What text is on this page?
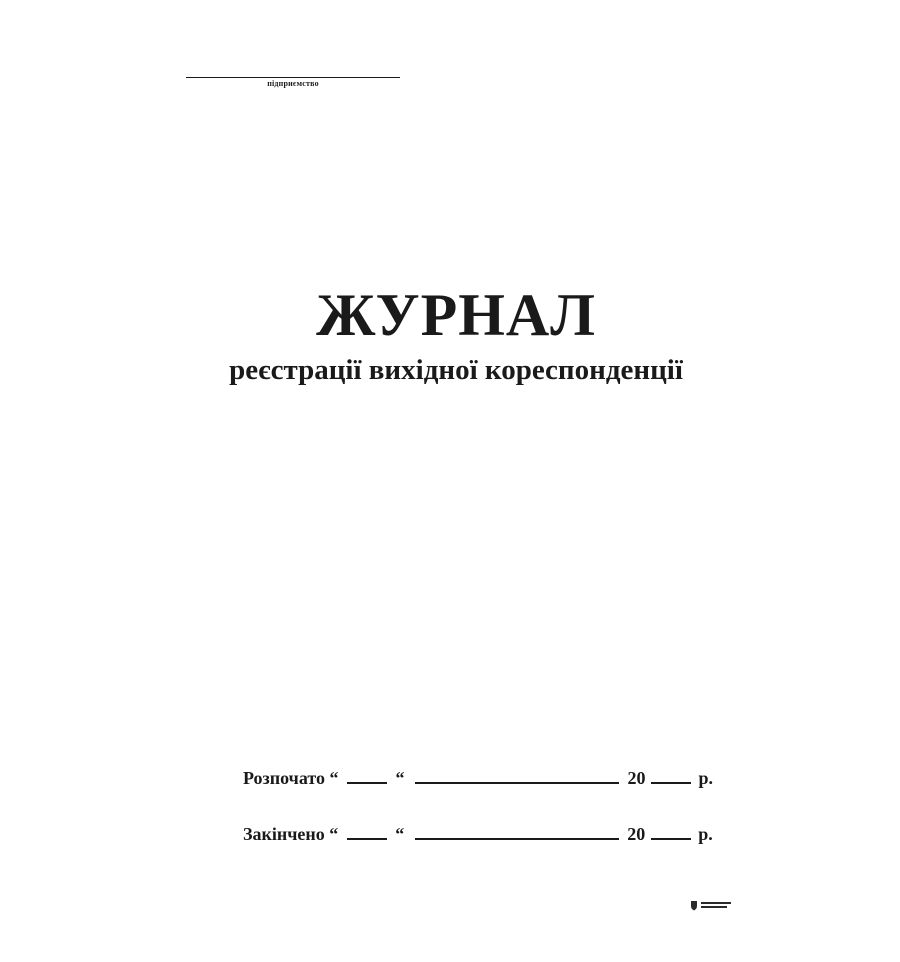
підприємство
ЖУРНАЛ
реєстрації вихідної кореспонденції
Розпочато “	“	20	р.
Закінчено “	“	20	р.
